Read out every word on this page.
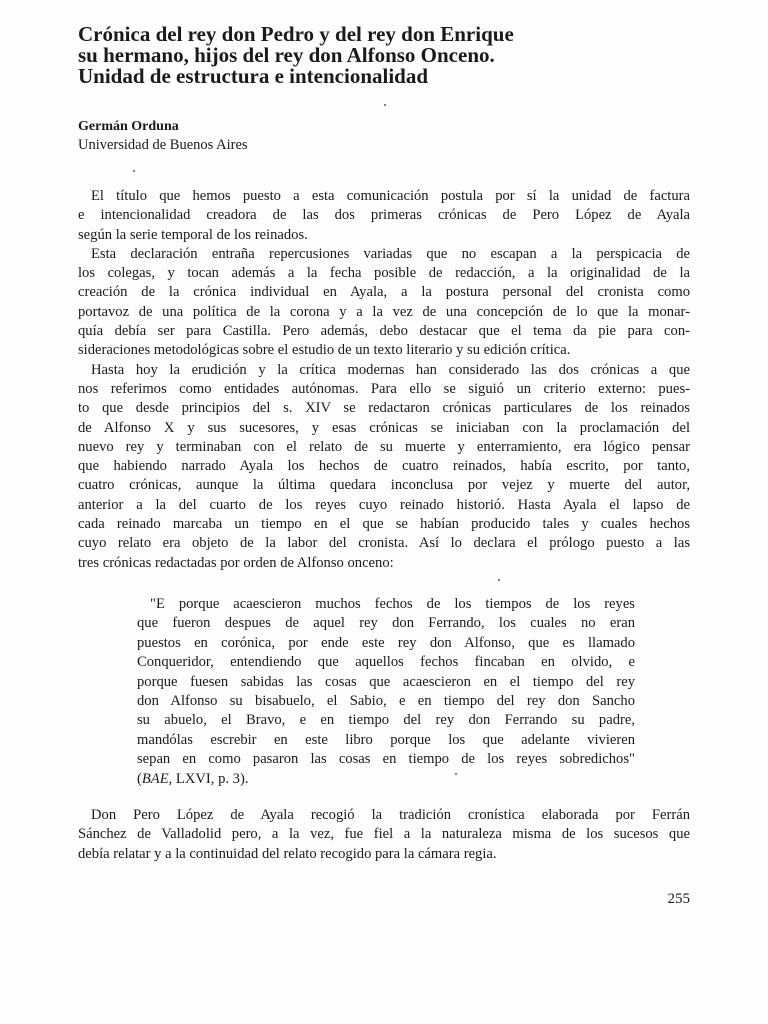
Crónica del rey don Pedro y del rey don Enrique
su hermano, hijos del rey don Alfonso Onceno.
Unidad de estructura e intencionalidad
Germán Orduna
Universidad de Buenos Aires

El título que hemos puesto a esta comunicación postula por sí la unidad de factura
e intencionalidad creadora de las dos primeras crónicas de Pero López de Ayala
según la serie temporal de los reinados.

Esta declaración entraña repercusiones variadas que no escapan a la perspicacia de
los colegas, y tocan además a la fecha posible de redacción, a la originalidad de la
creación de la crónica individual en Ayala, a la postura personal del cronista como
portavoz de una política de la corona y a la vez de una concepción de lo que la monar-
quía debía ser para Castilla. Pero además, debo destacar que el tema da pie para con-
sideraciones metodológicas sobre el estudio de un texto literario y su edición crítica.

Hasta hoy la erudición y la crítica modernas han considerado las dos crónicas a que
nos referimos como entidades autónomas. Para ello se siguió un criterio externo: pues-
to que desde principios del s. XIV se redactaron crónicas particulares de los reinados
de Alfonso X y sus sucesores, y esas crónicas se iniciaban con la proclamación del
nuevo rey y terminaban con el relato de su muerte y enterramiento, era lógico pensar
que habiendo narrado Ayala los hechos de cuatro reinados, había escrito, por tanto,
cuatro crónicas, aunque la última quedara inconclusa por vejez y muerte del autor,
anterior a la del cuarto de los reyes cuyo reinado historió. Hasta Ayala el lapso de
cada reinado marcaba un tiempo en el que se habían producido tales y cuales hechos
cuyo relato era objeto de la labor del cronista. Así lo declara el prólogo puesto a las
tres crónicas redactadas por orden de Alfonso onceno:

"E porque acaescieron muchos fechos de los tiempos de los reyes
que fueron despues de aquel rey don Ferrando, los cuales no eran
puestos en corónica, por ende este rey don Alfonso, que es llamado
Conqueridor, entendiendo que aquellos fechos fincaban en olvido, e
porque fuesen sabidas las cosas que acaescieron en el tiempo del rey
don Alfonso su bisabuelo, el Sabio, e en tiempo del rey don Sancho
su abuelo, el Bravo, e en tiempo del rey don Ferrando su padre,
mandólas escrebir en este libro porque los que adelante vivieren
sepan en como pasaron las cosas en tiempo de los reyes sobredichos"
(BAE, LXVI, p. 3).
Don Pero López de Ayala recogió la tradición cronística elaborada por Ferrán
Sánchez de Valladolid pero, a la vez, fue fiel a la naturaleza misma de los sucesos que
debía relatar y a la continuidad del relato recogido para la cámara regia.
255
